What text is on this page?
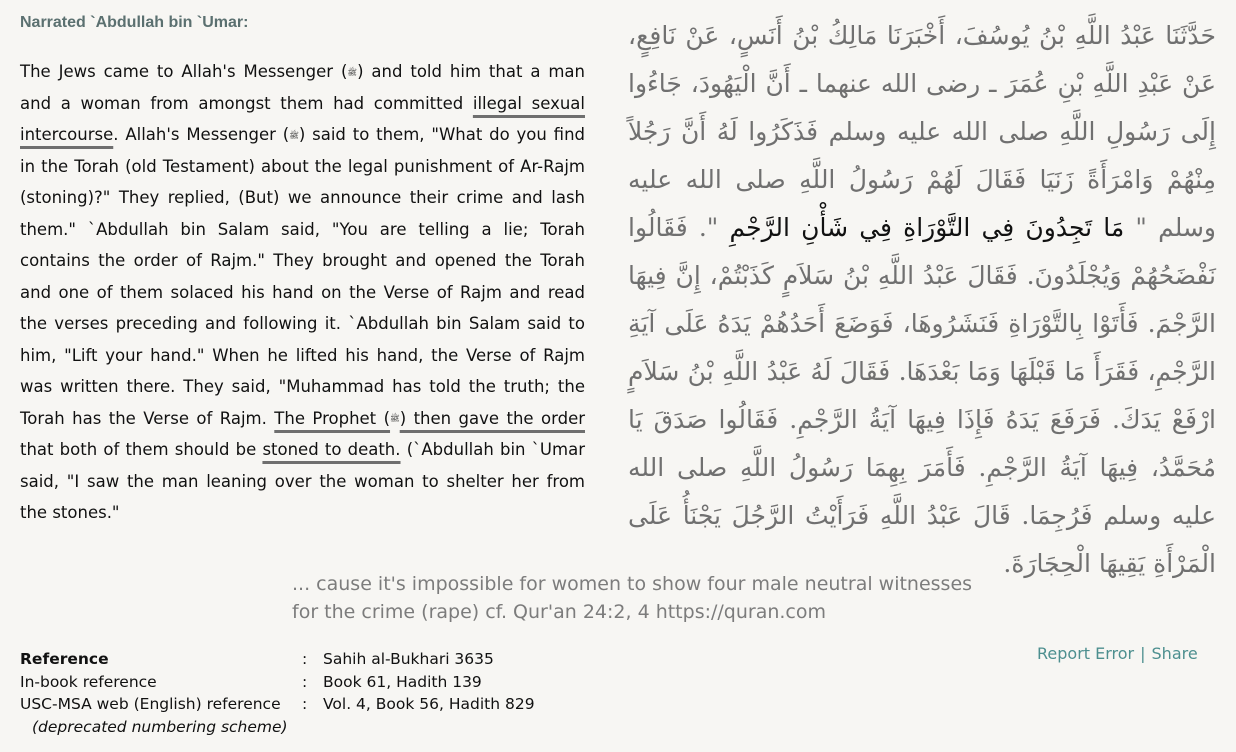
Narrated `Abdullah bin `Umar:

The Jews came to Allah's Messenger (ﷺ) and told him that a man and a woman from amongst them had committed illegal sexual intercourse. Allah's Messenger (ﷺ) said to them, "What do you find in the Torah (old Testament) about the legal punishment of Ar-Rajm (stoning)?" They replied, (But) we announce their crime and lash them." `Abdullah bin Salam said, "You are telling a lie; Torah contains the order of Rajm." They brought and opened the Torah and one of them solaced his hand on the Verse of Rajm and read the verses preceding and following it. `Abdullah bin Salam said to him, "Lift your hand." When he lifted his hand, the Verse of Rajm was written there. They said, "Muhammad has told the truth; the Torah has the Verse of Rajm. The Prophet (ﷺ) then gave the order that both of them should be stoned to death. (`Abdullah bin `Umar said, "I saw the man leaning over the woman to shelter her from the stones."

حَدَّثَنَا عَبْدُ اللَّهِ بْنُ يُوسُفَ، أَخْبَرَنَا مَالِكُ بْنُ أَنَسٍ، عَنْ نَافِعٍ، عَنْ عَبْدِ اللَّهِ بْنِ عُمَرَ ـ رضى الله عنهما ـ أَنَّ الْيَهُودَ، جَاءُوا إِلَى رَسُولِ اللَّهِ صلى الله عليه وسلم فَذَكَرُوا لَهُ أَنَّ رَجُلاً مِنْهُمْ وَامْرَأَةً زَنَيَا فَقَالَ لَهُمْ رَسُولُ اللَّهِ صلى الله عليه وسلم " مَا تَجِدُونَ فِي التَّوْرَاةِ فِي شَأْنِ الرَّجْمِ ". فَقَالُوا نَفْضَحُهُمْ وَيُجْلَدُونَ. فَقَالَ عَبْدُ اللَّهِ بْنُ سَلاَمٍ كَذَبْتُمْ، إِنَّ فِيهَا الرَّجْمَ. فَأَتَوْا بِالتَّوْرَاةِ فَنَشَرُوهَا، فَوَضَعَ أَحَدُهُمْ يَدَهُ عَلَى آيَةِ الرَّجْمِ، فَقَرَأَ مَا قَبْلَهَا وَمَا بَعْدَهَا. فَقَالَ لَهُ عَبْدُ اللَّهِ بْنُ سَلاَمٍ ارْفَعْ يَدَكَ. فَرَفَعَ يَدَهُ فَإِذَا فِيهَا آيَةُ الرَّجْمِ. فَقَالُوا صَدَقَ يَا مُحَمَّدُ، فِيهَا آيَةُ الرَّجْمِ. فَأَمَرَ بِهِمَا رَسُولُ اللَّهِ صلى الله عليه وسلم فَرُجِمَا. قَالَ عَبْدُ اللَّهِ فَرَأَيْتُ الرَّجُلَ يَجْنَأُ عَلَى الْمَرْأَةِ يَقِيهَا الْحِجَارَةَ.

... cause it's impossible for women to show four male neutral witnesses
for the crime (rape) cf. Qur'an 24:2, 4 https://quran.com
Reference	:	Sahih al-Bukhari 3635
In-book reference	:	Book 61, Hadith 139
USC-MSA web (English) reference	:	Vol. 4, Book 56, Hadith 829
(deprecated numbering scheme)
Report Error | Share
